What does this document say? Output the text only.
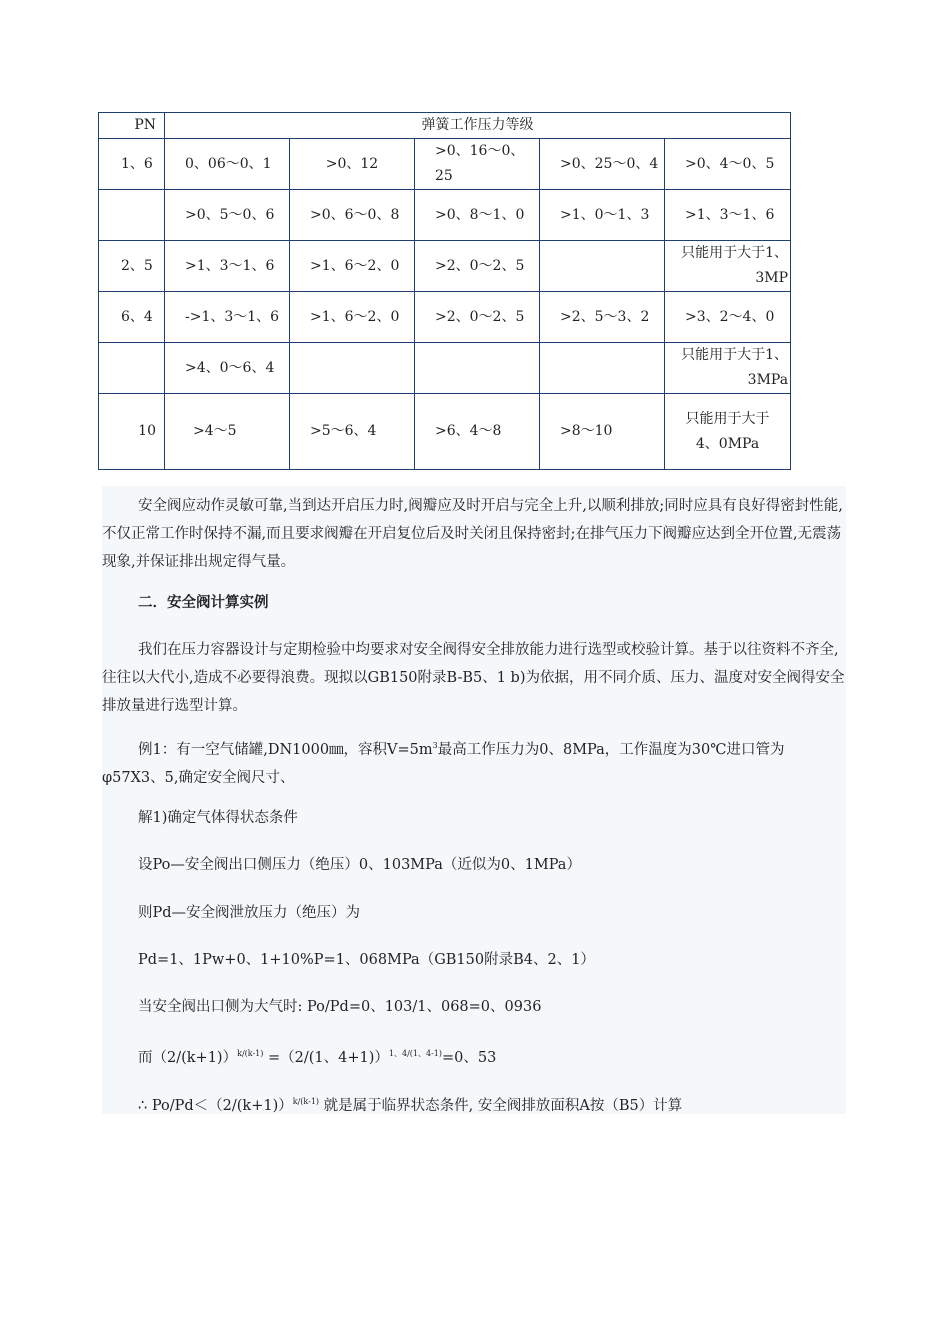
PN	弹簧工作压力等级				
1、6	0、06～0、1	>0、12	>0、16～0、25	>0、25～0、4	>0、4～0、5
	>0、5～0、6	>0、6～0、8	>0、8～1、0	>1、0～1、3	>1、3～1、6
2、5	>1、3～1、6	>1、6～2、0	>2、0～2、5		只能用于大于1、3MP
6、4	->1、3～1、6	>1、6～2、0	>2、0～2、5	>2、5～3、2	>3、2～4、0
	>4、0～6、4				只能用于大于1、3MPa
10	>4～5	>5～6、4	>6、4～8	>8～10	只能用于大于4、0MPa

安全阀应动作灵敏可靠,当到达开启压力时,阀瓣应及时开启与完全上升,以顺利排放;同时应具有良好得密封性能,不仅正常工作时保持不漏,而且要求阀瓣在开启复位后及时关闭且保持密封;在排气压力下阀瓣应达到全开位置,无震荡现象,并保证排出规定得气量。

二．安全阀计算实例

我们在压力容器设计与定期检验中均要求对安全阀得安全排放能力进行选型或校验计算。基于以往资料不齐全,往往以大代小,造成不必要得浪费。现拟以GB150附录B-B5、1 b)为依据，用不同介质、压力、温度对安全阀得安全排放量进行选型计算。

例1：有一空气储罐,DN1000㎜，容积$V=5m^3$最高工作压力为0、8MPa，工作温度为30℃进口管为φ57X3、5,确定安全阀尺寸、

解1)确定气体得状态条件

设Po—安全阀出口侧压力（绝压）0、103MPa（近似为0、1MPa）

则Pd—安全阀泄放压力（绝压）为

Pd=1、1Pw+0、1+10%P=1、068MPa（GB150附录B4、2、1）

当安全阀出口侧为大气时: Po/Pd=0、103/1、068=0、0936

而$(2/(k+1))^{k/(k-1)} =(2/(1$、4+1)）$^{1、4/(1、4-1)}$=0、53

∴ $Po/Pd<(2/(k+1))^{k/(k-1)}$ 就是属于临界状态条件, 安全阀排放面积A按（B5）计算
